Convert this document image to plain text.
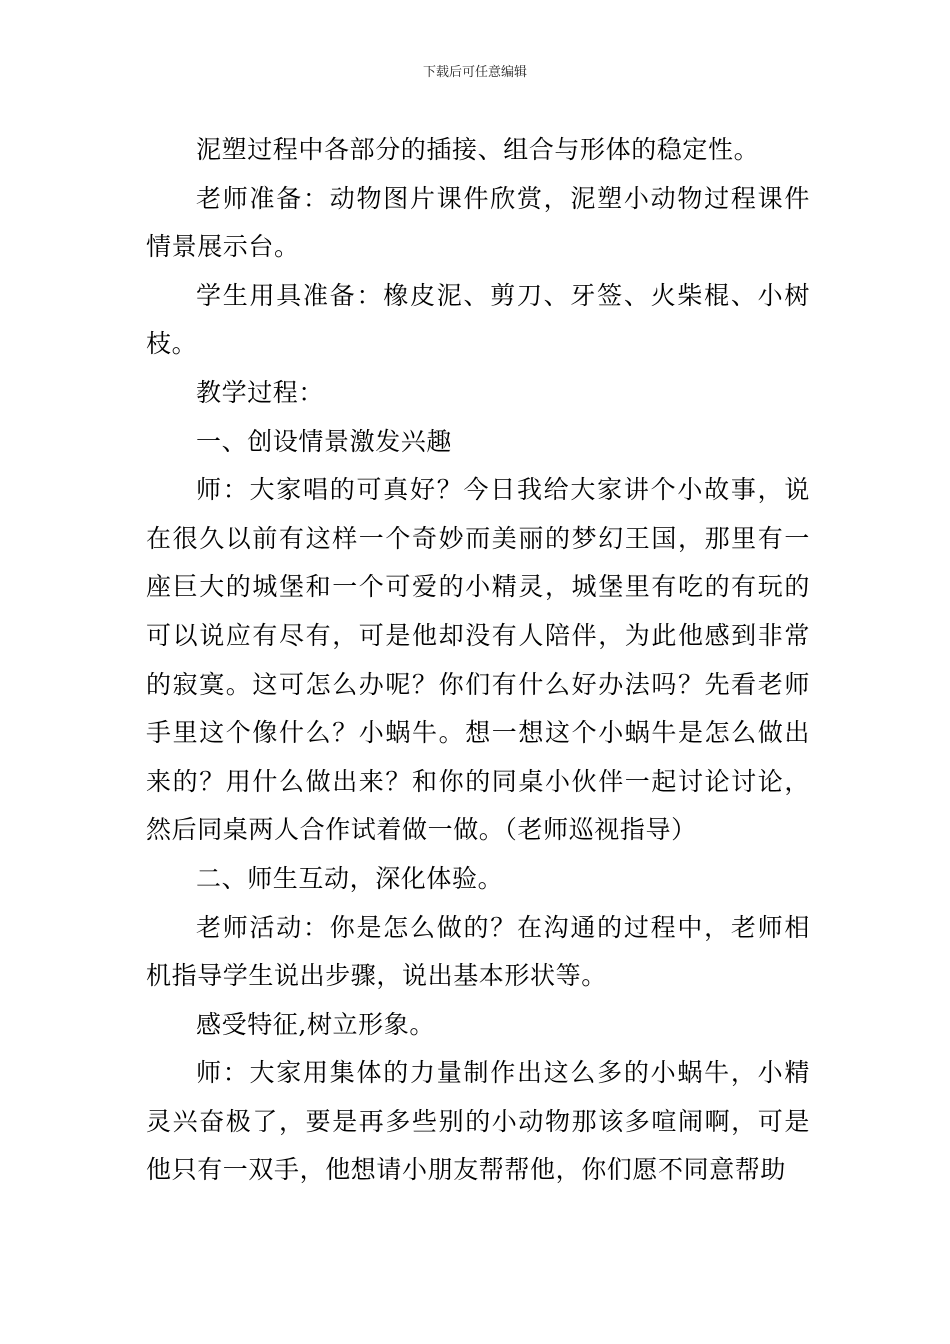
下载后可任意编辑

泥塑过程中各部分的插接、组合与形体的稳定性。

老师准备：动物图片课件欣赏，泥塑小动物过程课件情景展示台。

学生用具准备：橡皮泥、剪刀、牙签、火柴棍、小树枝。

教学过程：

一、创设情景激发兴趣

师：大家唱的可真好？今日我给大家讲个小故事，说在很久以前有这样一个奇妙而美丽的梦幻王国，那里有一座巨大的城堡和一个可爱的小精灵，城堡里有吃的有玩的可以说应有尽有，可是他却没有人陪伴，为此他感到非常的寂寞。这可怎么办呢？你们有什么好办法吗？先看老师手里这个像什么？小蜗牛。想一想这个小蜗牛是怎么做出来的？用什么做出来？和你的同桌小伙伴一起讨论讨论，然后同桌两人合作试着做一做。（老师巡视指导）

二、师生互动，深化体验。

老师活动：你是怎么做的？在沟通的过程中，老师相机指导学生说出步骤，说出基本形状等。

感受特征,树立形象。

师：大家用集体的力量制作出这么多的小蜗牛，小精灵兴奋极了，要是再多些别的小动物那该多喧闹啊，可是他只有一双手，他想请小朋友帮帮他，你们愿不同意帮助
